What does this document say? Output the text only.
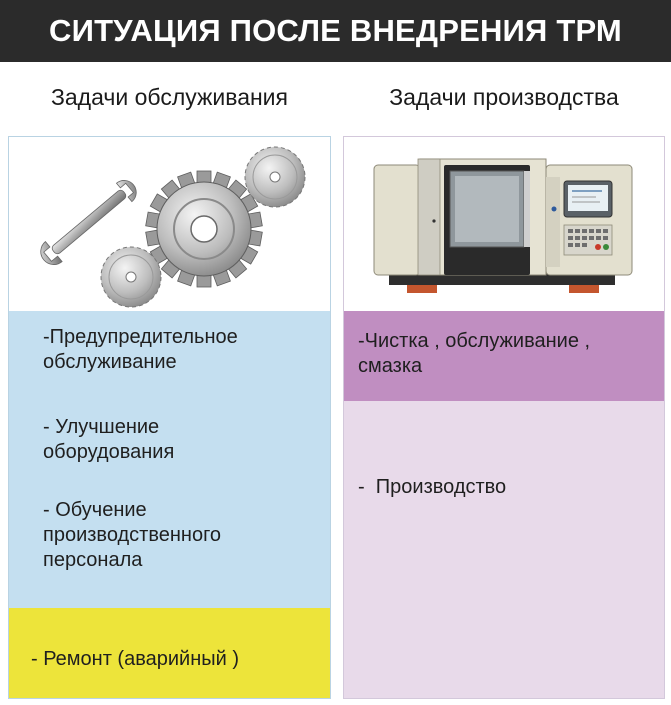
СИТУАЦИЯ ПОСЛЕ ВНЕДРЕНИЯ ТРМ
Задачи обслуживания	Задачи производства

-Предупредительное

обслуживание

- Улучшение

оборудования

- Обучение

производственного

персонала

- Ремонт (аварийный )

-Чистка , обслуживание ,

смазка

-  Производство
